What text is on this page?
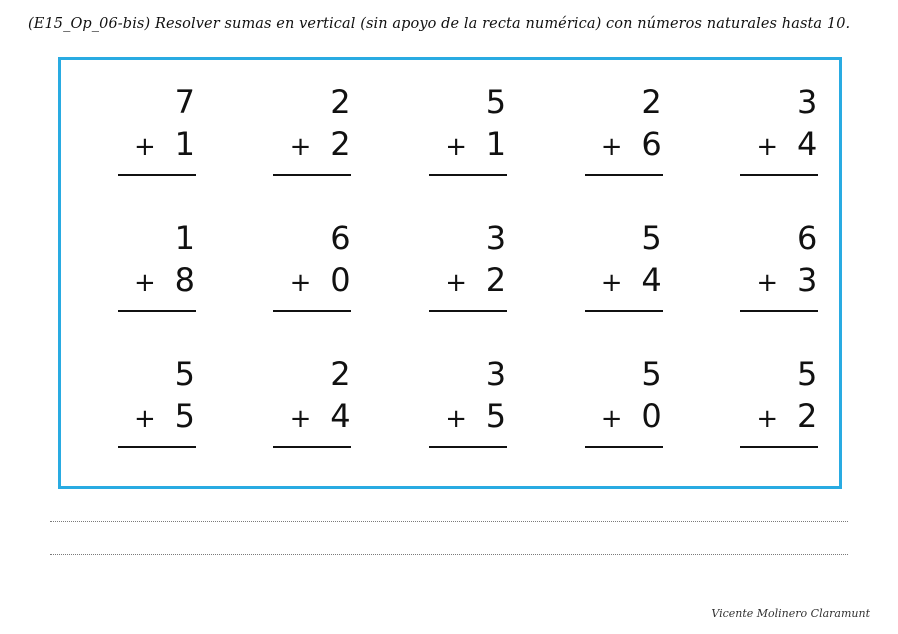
(E15_Op_06-bis) Resolver sumas en vertical (sin apoyo de la recta numérica) con números naturales hasta 10.
7
+ 1
2
+ 2
5
+ 1
2
+ 6
3
+ 4
1
+ 8
6
+ 0
3
+ 2
5
+ 4
6
+ 3
5
+ 5
2
+ 4
3
+ 5
5
+ 0
5
+ 2
Vicente Molinero Claramunt
